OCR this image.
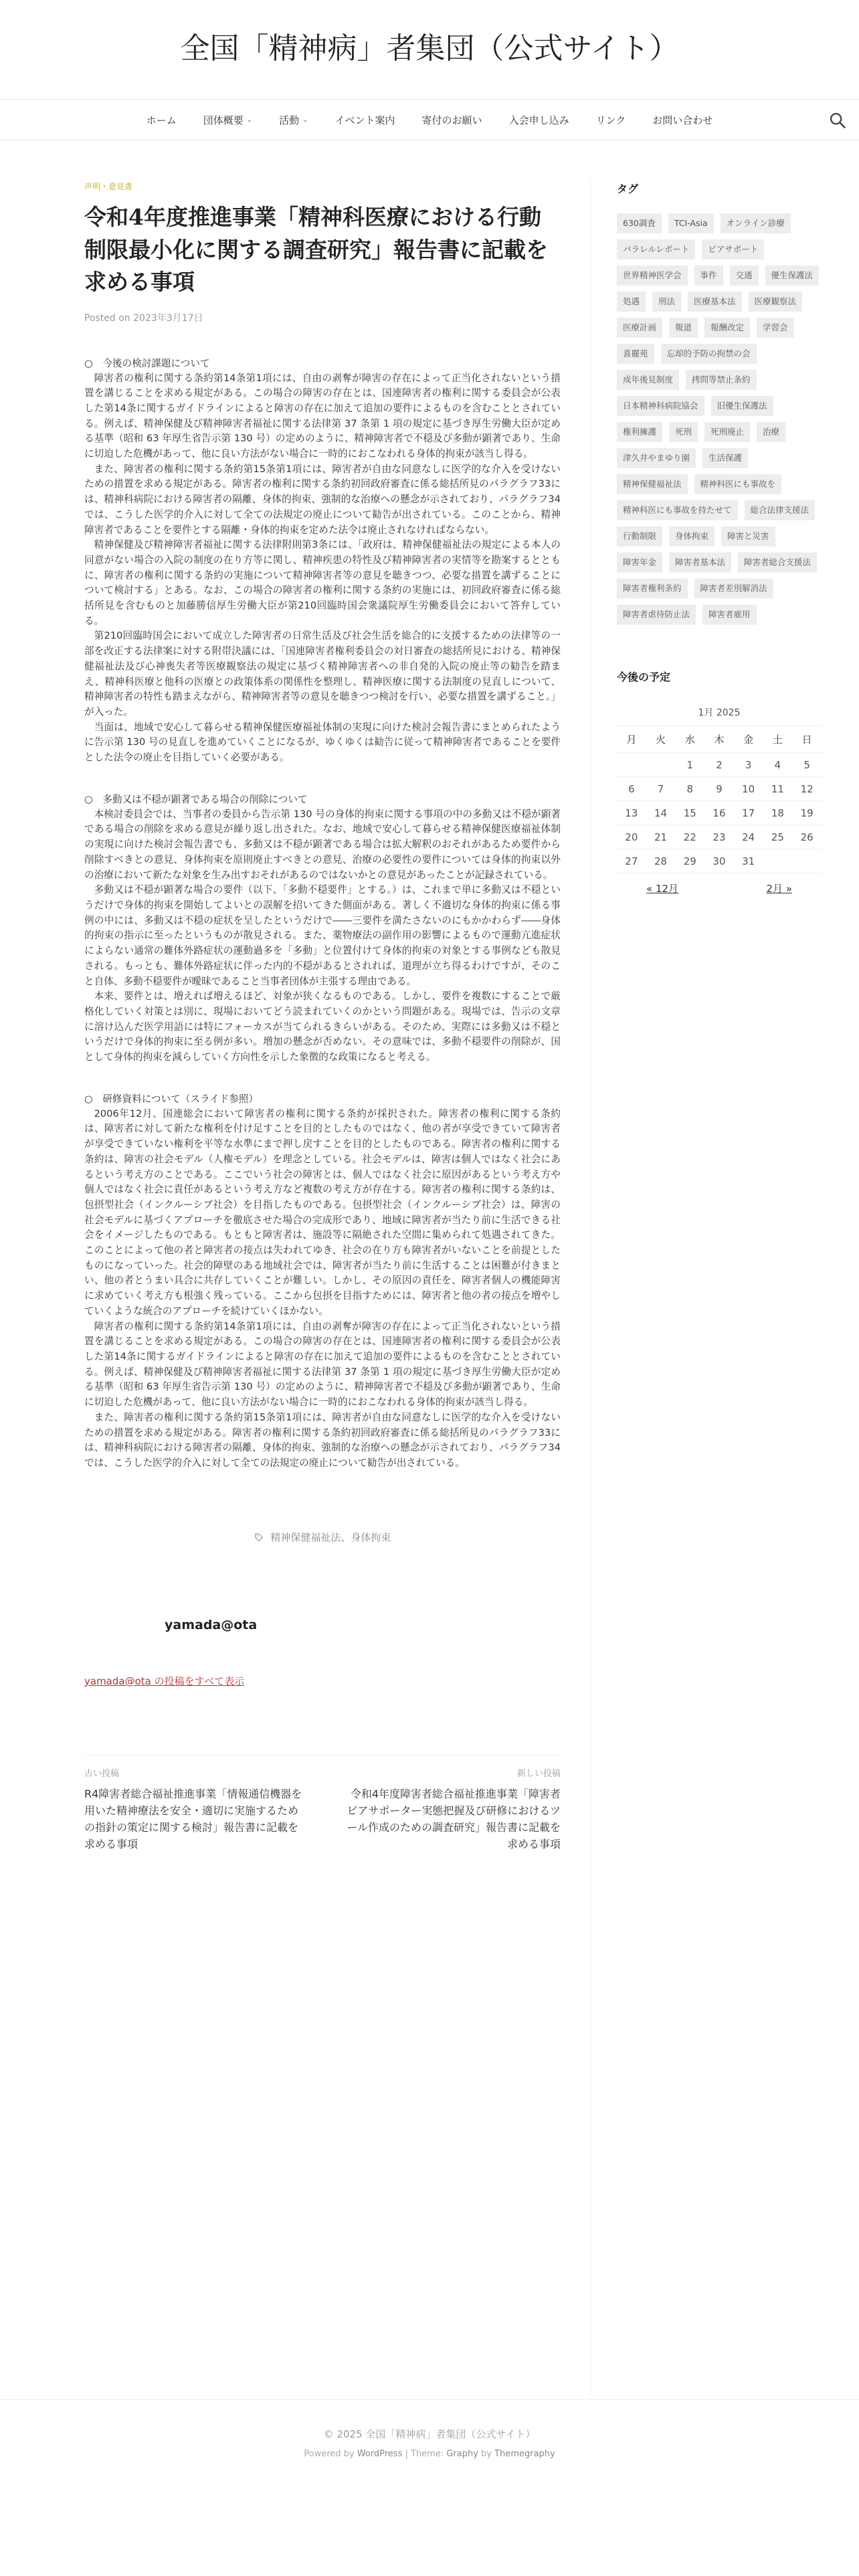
全国「精神病」者集団（公式サイト）
ホーム	団体概要 ⌄	活動 ⌄	イベント案内	寄付のお願い	入会申し込み	リンク	お問い合わせ
声明・意見書
令和4年度推進事業「精神科医療における行動制限最小化に関する調査研究」報告書に記載を求める事項
Posted on 2023年3月17日
○　今後の検討課題について

障害者の権利に関する条約第14条第1項には、自由の剥奪が障害の存在によって正当化されないという措置を講じることを求める規定がある。この場合の障害の存在とは、国連障害者の権利に関する委員会が公表した第14条に関するガイドラインによると障害の存在に加えて追加の要件によるものを含むこととされている。例えば、精神保健及び精神障害者福祉に関する法律第 37 条第 1 項の規定に基づき厚生労働大臣が定める基準（昭和 63 年厚生省告示第 130 号）の定めのように、精神障害者で不穏及び多動が顕著であり、生命に切迫した危機があって、他に良い方法がない場合に一時的におこなわれる身体的拘束が該当し得る。

また、障害者の権利に関する条約第15条第1項には、障害者が自由な同意なしに医学的な介入を受けないための措置を求める規定がある。障害者の権利に関する条約初回政府審査に係る総括所見のパラグラフ33には、精神科病院における障害者の隔離、身体的拘束、強制的な治療への懸念が示されており、パラグラフ34では、こうした医学的介入に対して全ての法規定の廃止について勧告が出されている。このことから、精神障害者であることを要件とする隔離・身体的拘束を定めた法令は廃止されなければならない。

精神保健及び精神障害者福祉に関する法律附則第3条には、「政府は、精神保健福祉法の規定による本人の同意がない場合の入院の制度の在り方等に関し、精神疾患の特性及び精神障害者の実情等を勘案するとともに、障害者の権利に関する条約の実施について精神障害者等の意見を聴きつつ、必要な措置を講ずることについて検討する」とある。なお、この場合の障害者の権利に関する条約の実施には、初回政府審査に係る総括所見を含むものと加藤勝信厚生労働大臣が第210回臨時国会衆議院厚生労働委員会において答弁している。

第210回臨時国会において成立した障害者の日常生活及び社会生活を総合的に支援するための法律等の一部を改正する法律案に対する附帯決議には、「国連障害者権利委員会の対日審査の総括所見における、精神保健福祉法及び心神喪失者等医療観察法の規定に基づく精神障害者への非自発的入院の廃止等の勧告を踏まえ、精神科医療と他科の医療との政策体系の関係性を整理し、精神医療に関する法制度の見直しについて、精神障害者の特性も踏まえながら、精神障害者等の意見を聴きつつ検討を行い、必要な措置を講ずること。」が入った。

当面は、地域で安心して暮らせる精神保健医療福祉体制の実現に向けた検討会報告書にまとめられたように告示第 130 号の見直しを進めていくことになるが、ゆくゆくは勧告に従って精神障害者であることを要件とした法令の廃止を目指していく必要がある。

○　多動又は不穏が顕著である場合の削除について

本検討委員会では、当事者の委員から告示第 130 号の身体的拘束に関する事項の中の多動又は不穏が顕著である場合の削除を求める意見が繰り返し出された。なお、地域で安心して暮らせる精神保健医療福祉体制の実現に向けた検討会報告書でも、多動又は不穏が顕著である場合は拡大解釈のおそれがあるため要件から削除すべきとの意見、身体拘束を原則廃止すべきとの意見、治療の必要性の要件については身体的拘束以外の治療において新たな対象を生み出すおそれがあるのではないかとの意見があったことが記録されている。

多動又は不穏が顕著な場合の要件（以下、「多動不穏要件」とする。）は、これまで単に多動又は不穏というだけで身体的拘束を開始してよいとの誤解を招いてきた側面がある。著しく不適切な身体的拘束に係る事例の中には、多動又は不穏の症状を呈したというだけで――三要件を満たさないのにもかかわらず――身体的拘束の指示に至ったというものが散見される。また、薬物療法の副作用の影響によるもので運動亢進症状によらない通常の難体外路症状の運動過多を「多動」と位置付けて身体的拘束の対象とする事例なども散見される。もっとも、難体外路症状に伴った内的不穏があるとされれば、道理が立ち得るわけですが、そのこと自体、多動不穏要件が曖昧であること当事者団体が主張する理由である。

本来、要件とは、増えれば増えるほど、対象が狭くなるものである。しかし、要件を複数にすることで厳格化していく対策とは別に、現場においてどう読まれていくのかという問題がある。現場では、告示の文章に溶け込んだ医学用語には特にフォーカスが当てられるきらいがある。そのため、実際には多動又は不穏というだけで身体的拘束に至る例が多い。増加の懸念が否めない。その意味では、多動不穏要件の削除が、国として身体的拘束を減らしていく方向性を示した象徴的な政策になると考える。

○　研修資料について（スライド参照）

2006年12月、国連総会において障害者の権利に関する条約が採択された。障害者の権利に関する条約は、障害者に対して新たな権利を付け足すことを目的としたものではなく、他の者が享受できていて障害者が享受できていない権利を平等な水準にまで押し戻すことを目的としたものである。障害者の権利に関する条約は、障害の社会モデル（人権モデル）を理念としている。社会モデルは、障害は個人ではなく社会にあるという考え方のことである。ここでいう社会の障害とは、個人ではなく社会に原因があるという考え方や個人ではなく社会に責任があるという考え方など複数の考え方が存在する。障害者の権利に関する条約は、包摂型社会（インクルーシブ社会）を目指したものである。包摂型社会（インクルーシブ社会）は、障害の社会モデルに基づくアプローチを徹底させた場合の完成形であり、地域に障害者が当たり前に生活できる社会をイメージしたものである。もともと障害者は、施設等に隔絶された空間に集められて処遇されてきた。このことによって他の者と障害者の接点は失われてゆき、社会の在り方も障害者がいないことを前提としたものになっていった。社会的障壁のある地域社会では、障害者が当たり前に生活することは困難が付きまとい、他の者とうまい具合に共存していくことが難しい。しかし、その原因の責任を、障害者個人の機能障害に求めていく考え方も根強く残っている。ここから包摂を目指すためには、障害者と他の者の接点を増やしていくような統合のアプローチを続けていくほかない。

障害者の権利に関する条約第14条第1項には、自由の剥奪が障害の存在によって正当化されないという措置を講じることを求める規定がある。この場合の障害の存在とは、国連障害者の権利に関する委員会が公表した第14条に関するガイドラインによると障害の存在に加えて追加の要件によるものを含むこととされている。例えば、精神保健及び精神障害者福祉に関する法律第 37 条第 1 項の規定に基づき厚生労働大臣が定める基準（昭和 63 年厚生省告示第 130 号）の定めのように、精神障害者で不穏及び多動が顕著であり、生命に切迫した危機があって、他に良い方法がない場合に一時的におこなわれる身体的拘束が該当し得る。

また、障害者の権利に関する条約第15条第1項には、障害者が自由な同意なしに医学的な介入を受けないための措置を求める規定がある。障害者の権利に関する条約初回政府審査に係る総括所見のパラグラフ33には、精神科病院における障害者の隔離、身体的拘束、強制的な治療への懸念が示されており、パラグラフ34では、こうした医学的介入に対して全ての法規定の廃止について勧告が出されている。

精神保健福祉法、身体拘束
yamada@ota
yamada@ota の投稿をすべて表示
古い投稿
R4障害者総合福祉推進事業「情報通信機器を用いた精神療法を安全・適切に実施するための指針の策定に関する検討」報告書に記載を求める事項
新しい投稿
令和4年度障害者総合福祉推進事業「障害者ピアサポーター実態把握及び研修におけるツール作成のための調査研究」報告書に記載を求める事項
タグ
630調査	TCI-Asia	オンライン診療
パラレルレポート	ピアサポート
世界精神医学会	事件	交通	優生保護法
処遇	刑法	医療基本法	医療観察法
医療計画	報道	報酬改定	学習会
喜麗苑	忘却的予防の拘禁の会
成年後見制度	拷問等禁止条約
日本精神科病院協会	旧優生保護法
権利擁護	死刑	死刑廃止	治療
津久井やまゆり園	生活保護
精神保健福祉法	精神科医にも事故を
精神科医にも事故を持たせて	総合法律支援法
行動制限	身体拘束	障害と災害
障害年金	障害者基本法	障害者総合支援法
障害者権利条約	障害者差別解消法
障害者虐待防止法	障害者雇用
今後の予定
1月 2025
月	火	水	木	金	土	日
		1	2	3	4	5
6	7	8	9	10	11	12
13	14	15	16	17	18	19
20	21	22	23	24	25	26
27	28	29	30	31		
« 12月	2月 »
© 2025 全国「精神病」者集団（公式サイト）
Powered by WordPress | Theme: Graphy by Themegraphy
